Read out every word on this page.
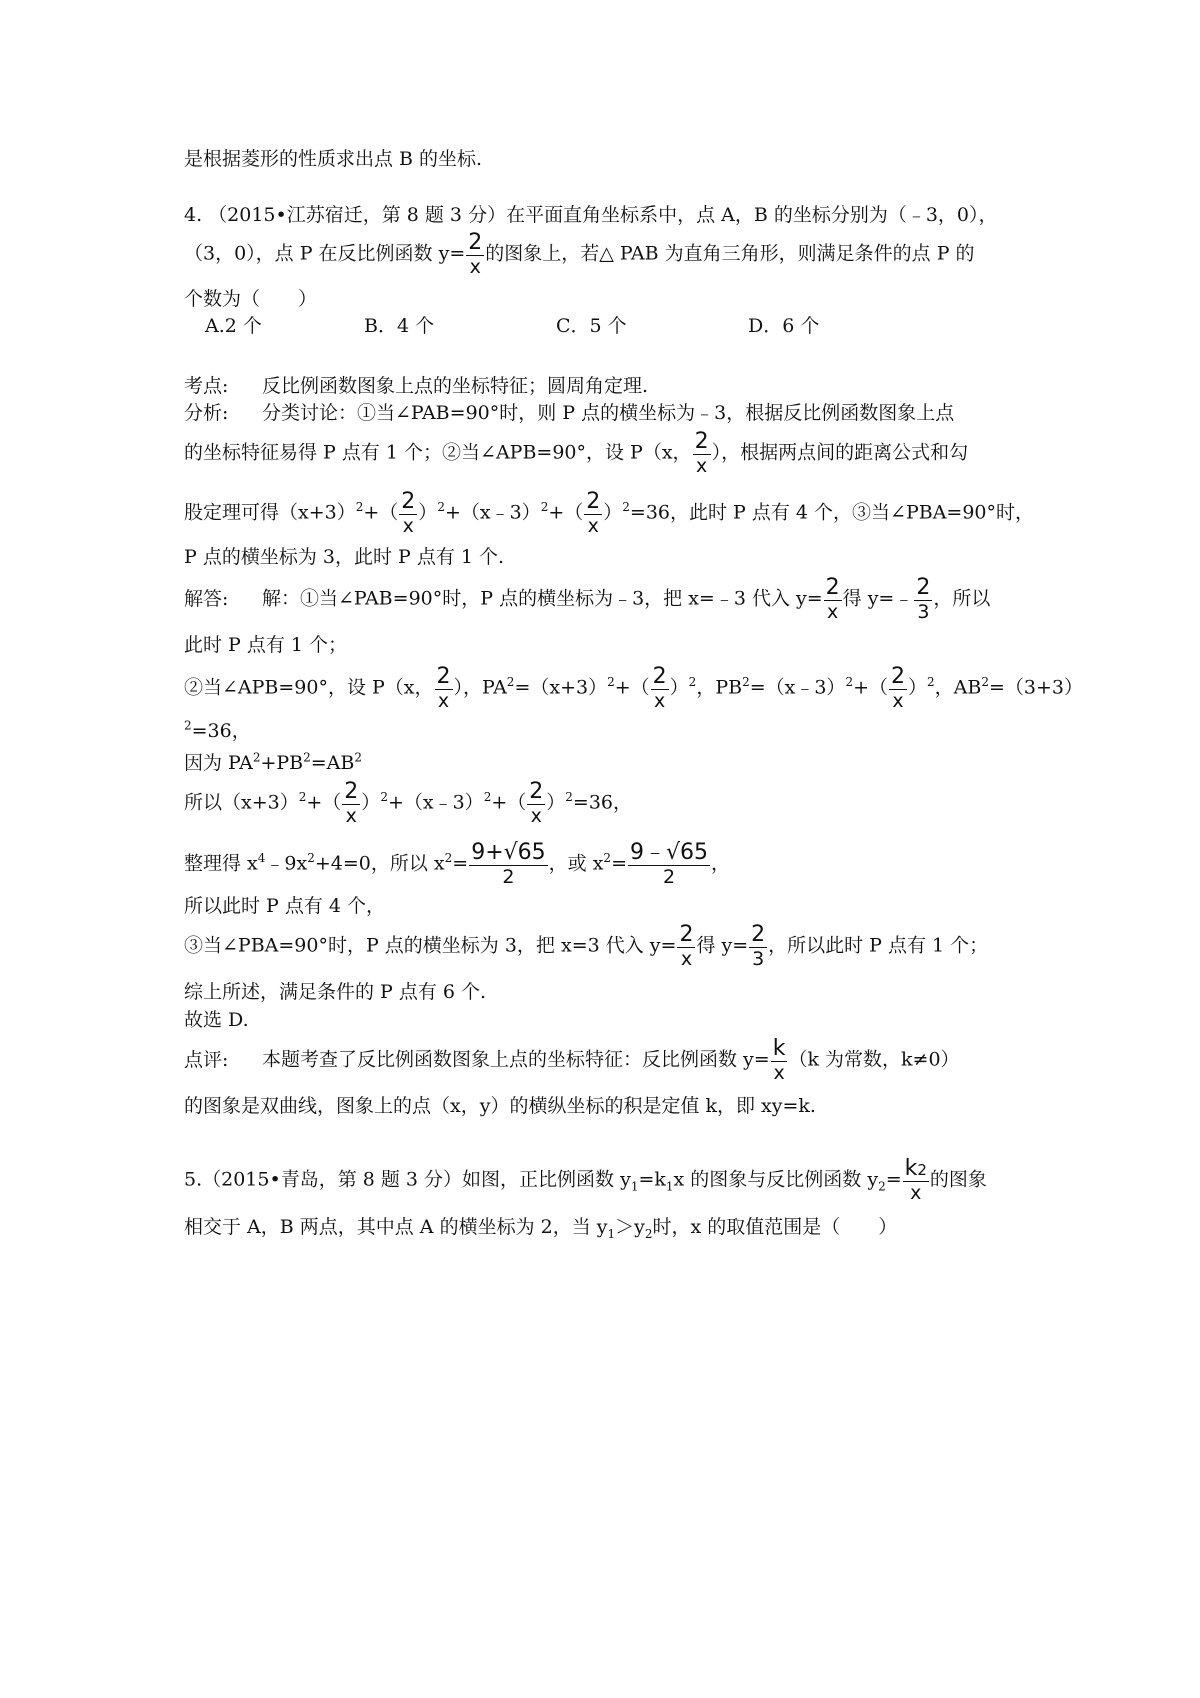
是根据菱形的性质求出点 B 的坐标.
4. （2015•江苏宿迁，第 8 题 3 分）在平面直角坐标系中，点 A，B 的坐标分别为（﹣3，0），
（3，0），点 P 在反比例函数 $y= \frac{2}{x}$ 的图象上，若△ PAB 为直角三角形，则满足条件的点 P 的
个数为（　　）
A.2 个	B．4 个	C．5 个	D．6 个
考点: 反比例函数图象上点的坐标特征；圆周角定理.
分析: 分类讨论：①当∠PAB=90°时，则 P 点的横坐标为﹣3，根据反比例函数图象上点
的坐标特征易得 P 点有 1 个；②当∠APB=90°，设 P（x， $\frac{2}{x}$ ），根据两点间的距离公式和勾
股定理可得$(x+3)^2+( \frac{2}{x}$ ）$^2+(x﹣3)^2+( \frac{2}{x} )^2=36$，此时 P 点有 4 个，③当∠PBA=90°时，
P 点的横坐标为 3，此时 P 点有 1 个.
解答: 解：①当∠PAB=90°时，P 点的横坐标为﹣3，把 x=﹣3 代入 $y= \frac{2}{x}$ 得 y=﹣ $\frac{2}{3}$ ，所以
此时 P 点有 1 个；
②当∠APB=90°，设 P（x， $\frac{2}{x}$ ），$PA^2=(x+3)^2+( \frac{2}{x} )^2$，$PB^2=(x﹣3)^2+( \frac{2}{x} )^2$，$AB^2=(3+3)$
$^2$=36，
因为 $PA^2+PB^2=AB^2$
所以$(x+3)^2+( \frac{2}{x}$ ）$^2+(x﹣3)^2+( \frac{2}{x} )^2=36$，
整理得 $x^4﹣9x^2+4=0$，所以 $x^2= \frac{9+√65}{2}$ ，或 $x^2= \frac{9﹣√65}{2}$ ，
所以此时 P 点有 4 个，
③当∠PBA=90°时，P 点的横坐标为 3，把 x=3 代入 $y= \frac{2}{x}$ 得 $y= \frac{2}{3}$ ，所以此时 P 点有 1 个；
综上所述，满足条件的 P 点有 6 个.
故选 D.
点评: 本题考查了反比例函数图象上点的坐标特征：反比例函数 $y= \frac{k}{x} (k$ 为常数，k≠0）
的图象是双曲线，图象上的点（x，y）的横纵坐标的积是定值 k，即 xy=k.
5.（2015•青岛，第 8 题 3 分）如图，正比例函数 $y_1=k_1x$ 的图象与反比例函数 $y_2= \frac{k2}{x}$ 的图象
相交于 A，B 两点，其中点 A 的横坐标为 2，当 $y_1>y_2$时，x 的取值范围是（　　）
